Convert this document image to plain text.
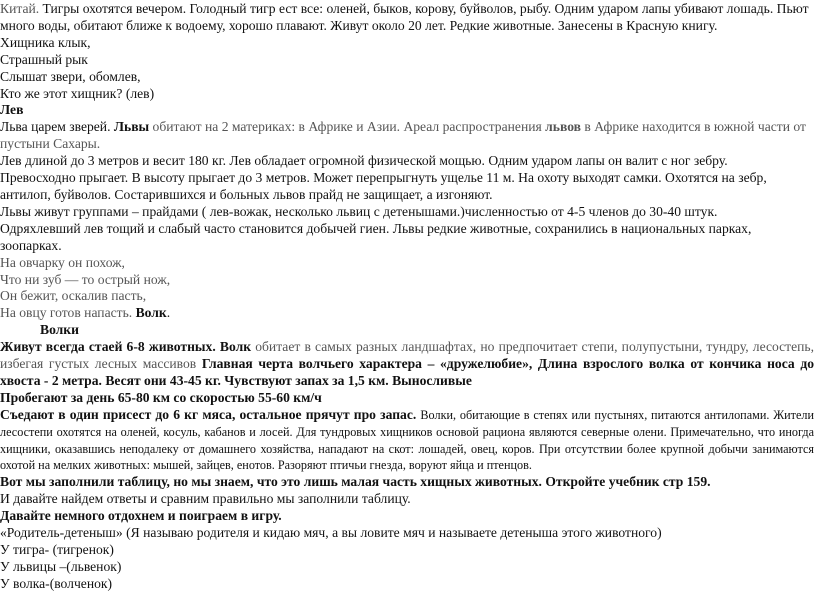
Китай. Тигры охотятся вечером. Голодный тигр ест все: оленей, быков, корову, буйволов, рыбу. Одним ударом лапы убивают лошадь. Пьют много воды, обитают ближе к водоему, хорошо плавают. Живут около 20 лет. Редкие животные. Занесены в Красную книгу.

Хищника клык,

Страшный рык

Слышат звери, обомлев,

Кто же этот хищник? (лев)

Лев

Льва царем зверей. Львы обитают на 2 материках: в Африке и Азии. Ареал распространения львов в Африке находится в южной части от пустыни Сахары.

Лев длиной до 3 метров и весит 180 кг. Лев обладает огромной физической мощью. Одним ударом лапы он валит с ног зебру.

Превосходно прыгает. В высоту прыгает до 3 метров. Может перепрыгнуть ущелье 11 м. На охоту выходят самки. Охотятся на зебр, антилоп, буйволов. Состарившихся и больных львов прайд не защищает, а изгоняют.

Львы живут группами – прайдами ( лев-вожак, несколько львиц с детенышами.)численностью от 4-5 членов до 30-40 штук.

Одряхлевший лев тощий и слабый часто становится добычей гиен. Львы редкие животные, сохранились в национальных парках, зоопарках.

На овчарку он похож,

Что ни зуб — то острый нож,

Он бежит, оскалив пасть,

На овцу готов напасть. Волк.

Волки

Живут всегда стаей 6-8 животных. Волк обитает в самых разных ландшафтах, но предпочитает степи, полупустыни, тундру, лесостепь, избегая густых лесных массивов Главная черта волчьего характера – «дружелюбие», Длина взрослого волка от кончика носа до хвоста - 2 метра. Весят они 43-45 кг. Чувствуют запах за 1,5 км. Выносливые

Пробегают за день 65-80 км со скоростью 55-60 км/ч

Съедают в один присест до 6 кг мяса, остальное прячут про запас. Волки, обитающие в степях или пустынях, питаются антилопами. Жители лесостепи охотятся на оленей, косуль, кабанов и лосей. Для тундровых хищников основой рациона являются северные олени. Примечательно, что иногда хищники, оказавшись неподалеку от домашнего хозяйства, нападают на скот: лошадей, овец, коров. При отсутствии более крупной добычи занимаются охотой на мелких животных: мышей, зайцев, енотов. Разоряют птичьи гнезда, воруют яйца и птенцов.

Вот мы заполнили таблицу, но мы знаем, что это лишь малая часть хищных животных. Откройте учебник стр 159.

И давайте найдем ответы и сравним правильно мы заполнили таблицу.

Давайте немного отдохнем и поиграем в игру.

«Родитель-детеныш» (Я называю родителя и кидаю мяч, а вы ловите мяч и называете детеныша этого животного)

У тигра- (тигренок)

У львицы –(львенок)

У волка-(волченок)
